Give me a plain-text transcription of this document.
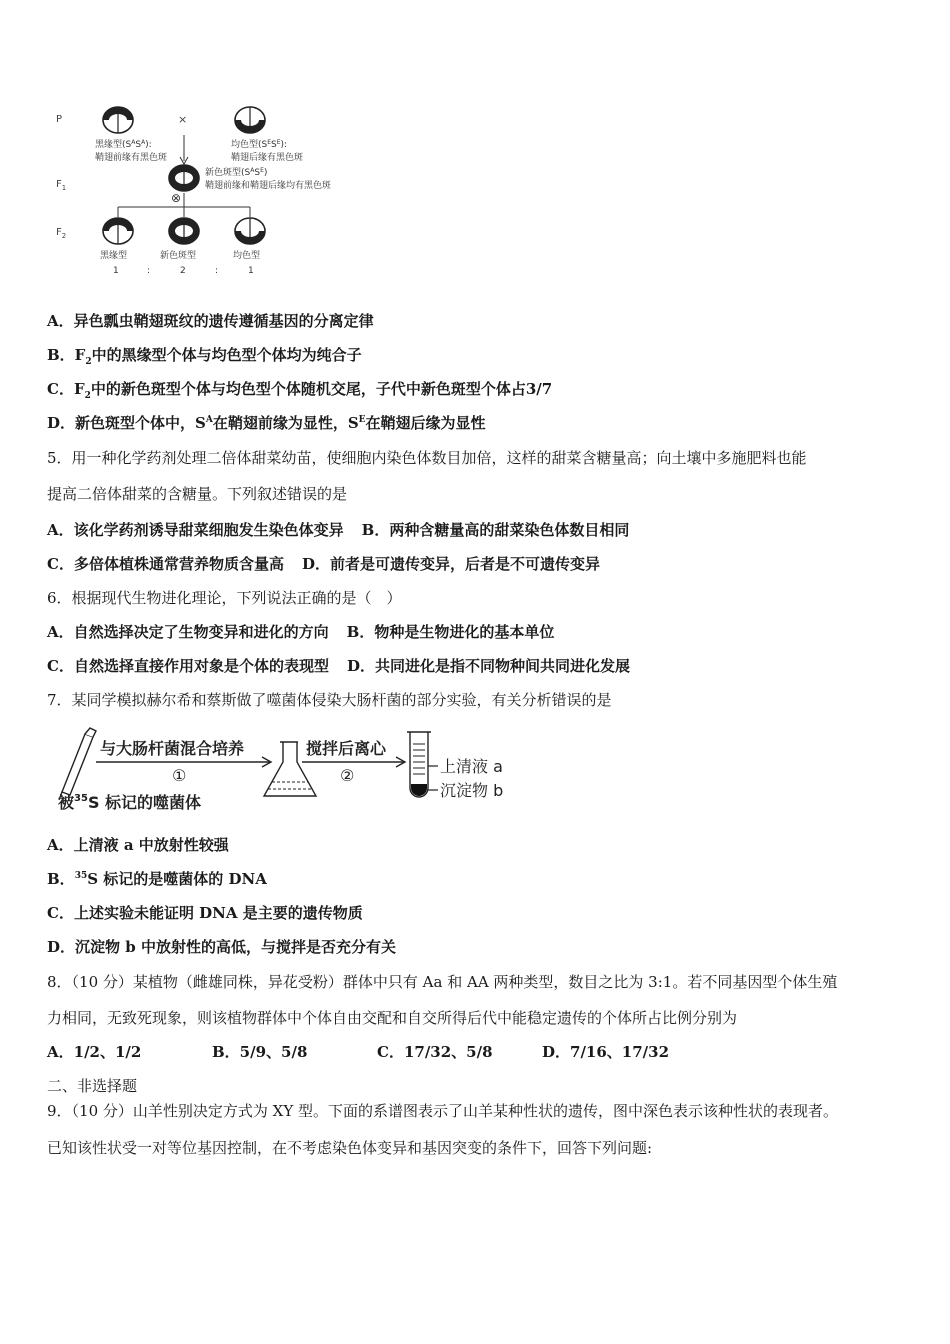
P
$F_1$
$F_2$
×
黑缘型$(S^AS^A)$:
鞘翅前缘有黑色斑
均色型$(S^ES^E)$:
鞘翅后缘有黑色斑
新色斑型$(S^AS^E)$
鞘翅前缘和鞘翅后缘均有黑色斑
⊗
黑缘型	新色斑型	均色型
1	:	2	:	1
A．异色瓢虫鞘翅斑纹的遗传遵循基因的分离定律
B．$F_2$中的黑缘型个体与均色型个体均为纯合子
C．$F_2$中的新色斑型个体与均色型个体随机交尾，子代中新色斑型个体占3/7
D．新色斑型个体中，$S^A$在鞘翅前缘为显性，$S^E$在鞘翅后缘为显性
5．用一种化学药剂处理二倍体甜菜幼苗，使细胞内染色体数目加倍，这样的甜菜含糖量高；向土壤中多施肥料也能
提高二倍体甜菜的含糖量。下列叙述错误的是
A．该化学药剂诱导甜菜细胞发生染色体变异 B．两种含糖量高的甜菜染色体数目相同
C．多倍体植株通常营养物质含量高 D．前者是可遗传变异，后者是不可遗传变异
6．根据现代生物进化理论，下列说法正确的是（　）
A．自然选择决定了生物变异和进化的方向 B．物种是生物进化的基本单位
C．自然选择直接作用对象是个体的表现型 D．共同进化是指不同物种间共同进化发展
7．某同学模拟赫尔希和蔡斯做了噬菌体侵染大肠杆菌的部分实验，有关分析错误的是
与大肠杆菌混合培养
①
搅拌后离心
②	上清液 a
沉淀物 b
被$^{35}$S 标记的噬菌体
A．上清液 a 中放射性较强
B．$^{35}$S 标记的是噬菌体的 DNA
C．上述实验未能证明 DNA 是主要的遗传物质
D．沉淀物 b 中放射性的高低，与搅拌是否充分有关
8．（10 分）某植物（雌雄同株，异花受粉）群体中只有 Aa 和 AA 两种类型，数目之比为 3:1。若不同基因型个体生殖
力相同，无致死现象，则该植物群体中个体自由交配和自交所得后代中能稳定遗传的个体所占比例分别为
A．1/2、1/2	B．5/9、5/8	C．17/32、5/8	D．7/16、17/32
二、非选择题
9．（10 分）山羊性别决定方式为 XY 型。下面的系谱图表示了山羊某种性状的遗传，图中深色表示该种性状的表现者。
已知该性状受一对等位基因控制，在不考虑染色体变异和基因突变的条件下，回答下列问题:
